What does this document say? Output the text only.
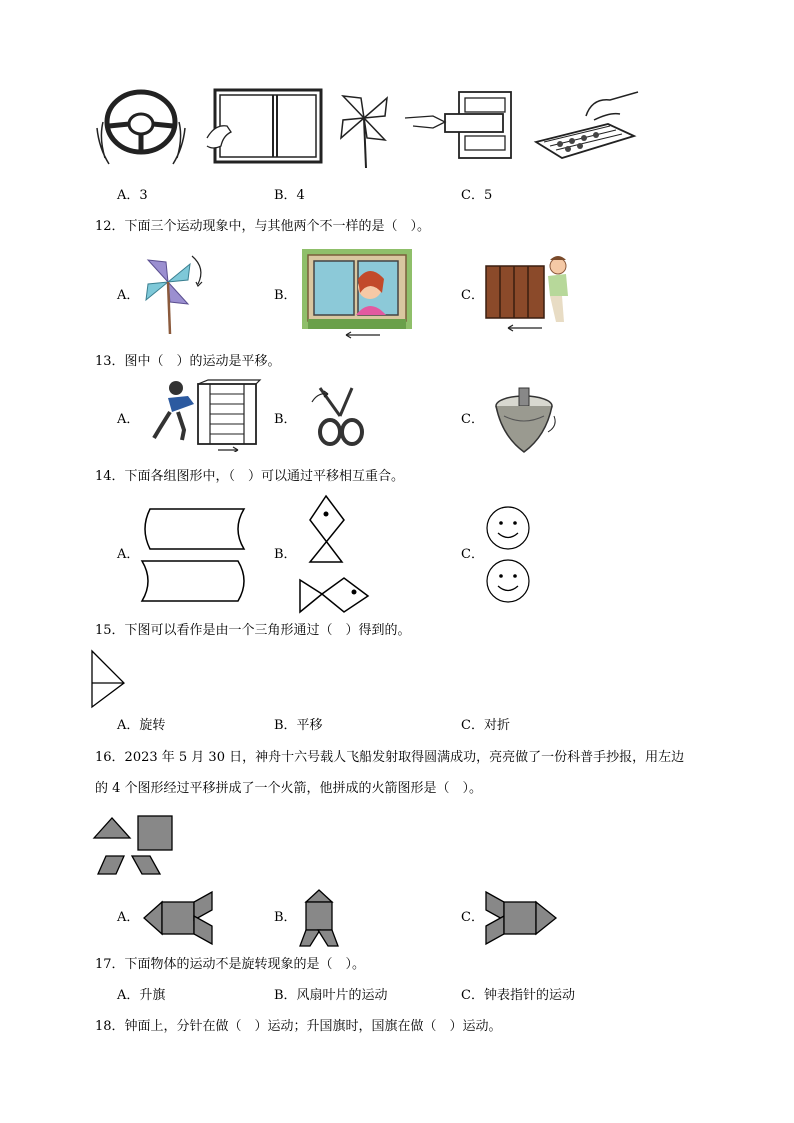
A．3	B．4	C．5
12．下面三个运动现象中，与其他两个不一样的是（　）。
A．	B．	C．
13．图中（　）的运动是平移。
A．	B．	C．
14．下面各组图形中，（　）可以通过平移相互重合。
A．	B．	C．
15．下图可以看作是由一个三角形通过（　）得到的。
A．旋转	B．平移	C．对折
16．2023 年 5 月 30 日，神舟十六号载人飞船发射取得圆满成功，亮亮做了一份科普手抄报，用左边
的 4 个图形经过平移拼成了一个火箭，他拼成的火箭图形是（　）。
A．	B．	C．
17．下面物体的运动不是旋转现象的是（　）。
A．升旗	B．风扇叶片的运动	C．钟表指针的运动
18．钟面上，分针在做（　）运动；升国旗时，国旗在做（　）运动。
